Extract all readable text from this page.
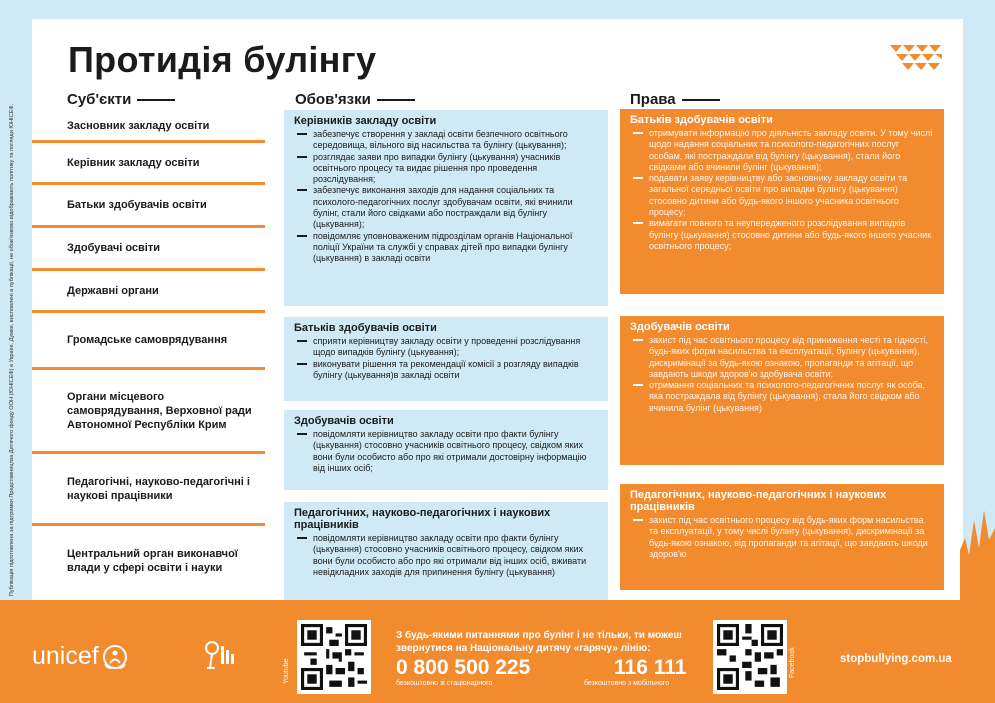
Публікація підготовлена за підтримки Представництва Дитячого фонду ООН (ЮНІСЕФ) в Україні. Думки, висловлені в публікації, не обов'язково відображають політику та погляди ЮНІСЕФ.
Протидія булінгу
Суб'єкти	Обов'язки	Права
Засновник закладу освіти
Керівник закладу освіти
Батьки здобувачів освіти
Здобувачі освіти
Державні органи
Громадське самоврядування
Органи місцевого самоврядування, Верховної ради Автономної Республіки Крим
Педагогічні, науково-педагогічні і наукові працівники
Центральний орган виконавчої влади у сфері освіти і науки
Керівників закладу освіти
забезпечує створення у закладі освіти безпечного освітнього середовища, вільного від насильства та булінгу (цькування);
розглядає заяви про випадки булінгу (цькування) учасників освітнього процесу та видає рішення про проведення розслідування;
забезпечує виконання заходів для надання соціальних та психолого-педагогічних послуг здобувачам освіти, які вчинили булінг, стали його свідками або постраждали від булінгу (цькування);
повідомляє уповноваженим підрозділам органів Національної поліції України та службі у справах дітей про випадки булінгу (цькування) в закладі освіти
Батьків здобувачів освіти
сприяти керівництву закладу освіти у проведенні розслідування щодо випадків булінгу (цькування);
виконувати рішення та рекомендації комісії з розгляду випадків булінгу (цькування)в закладі освіти
Здобувачів освіти
повідомляти керівництво закладу освіти про факти булінгу (цькування) стосовно учасників освітнього процесу, свідком яких вони були особисто або про які отримали достовірну інформацію від інших осіб;
Педагогічних, науково-педагогічних і наукових працівників
повідомляти керівництво закладу освіти про факти булінгу (цькування) стосовно учасників освітнього процесу, свідком яких вони були особисто або про які отримали від інших осіб, вживати невідкладних заходів для припинення булінгу (цькування)
Батьків здобувачів освіти
отримувати інформацію про діяльність закладу освіти. У тому числі щодо надання соціальних та психолого-педагогічних послуг особам, які постраждали від булінгу (цькування), стали його свідками або вчинили булінг (цькування);
подавати заяву керівництву або засновнику закладу освіти та загальної середньої освіти про випадки булінгу (цькування) стосовно дитини або будь-якого іншого учасника освітнього процесу;
вимагати повного та неупередженого розслідування випадків булінгу (цькування) стосовно дитини або будь-якого іншого учасник освітнього процесу;
Здобувачів освіти
захист під час освітнього процесу від приниження честі та гідності, будь-яких форм насильства та експлуатації, булінгу (цькування), дискримінації за будь-якою ознакою, пропаганди та агітації, що завдають шкоди здоров'ю здобувача освіти;
отримання соціальних та психолого-педагогічних послуг як особа, яка постраждала від булінгу (цькування), стала його свідком або вчинила булінг (цькування)
Педагогічних, науково-педагогічних і наукових працівників
захист під час освітнього процесу від будь-яких форм насильства та експлуатації, у тому числі булінгу (цькування), дискримінації за будь-якою ознакою, від пропаганди та агітації, що завдають шкоди здоров'ю
unicef
Youtube
З будь-якими питаннями про булінг і не тільки, ти можеш
звернутися на Національну дитячу «гарячу» лінію:
0 800 500 225
безкоштовно зі стаціонарного
116 111
безкоштовно з мобільного
Facebook	stopbullying.com.ua
